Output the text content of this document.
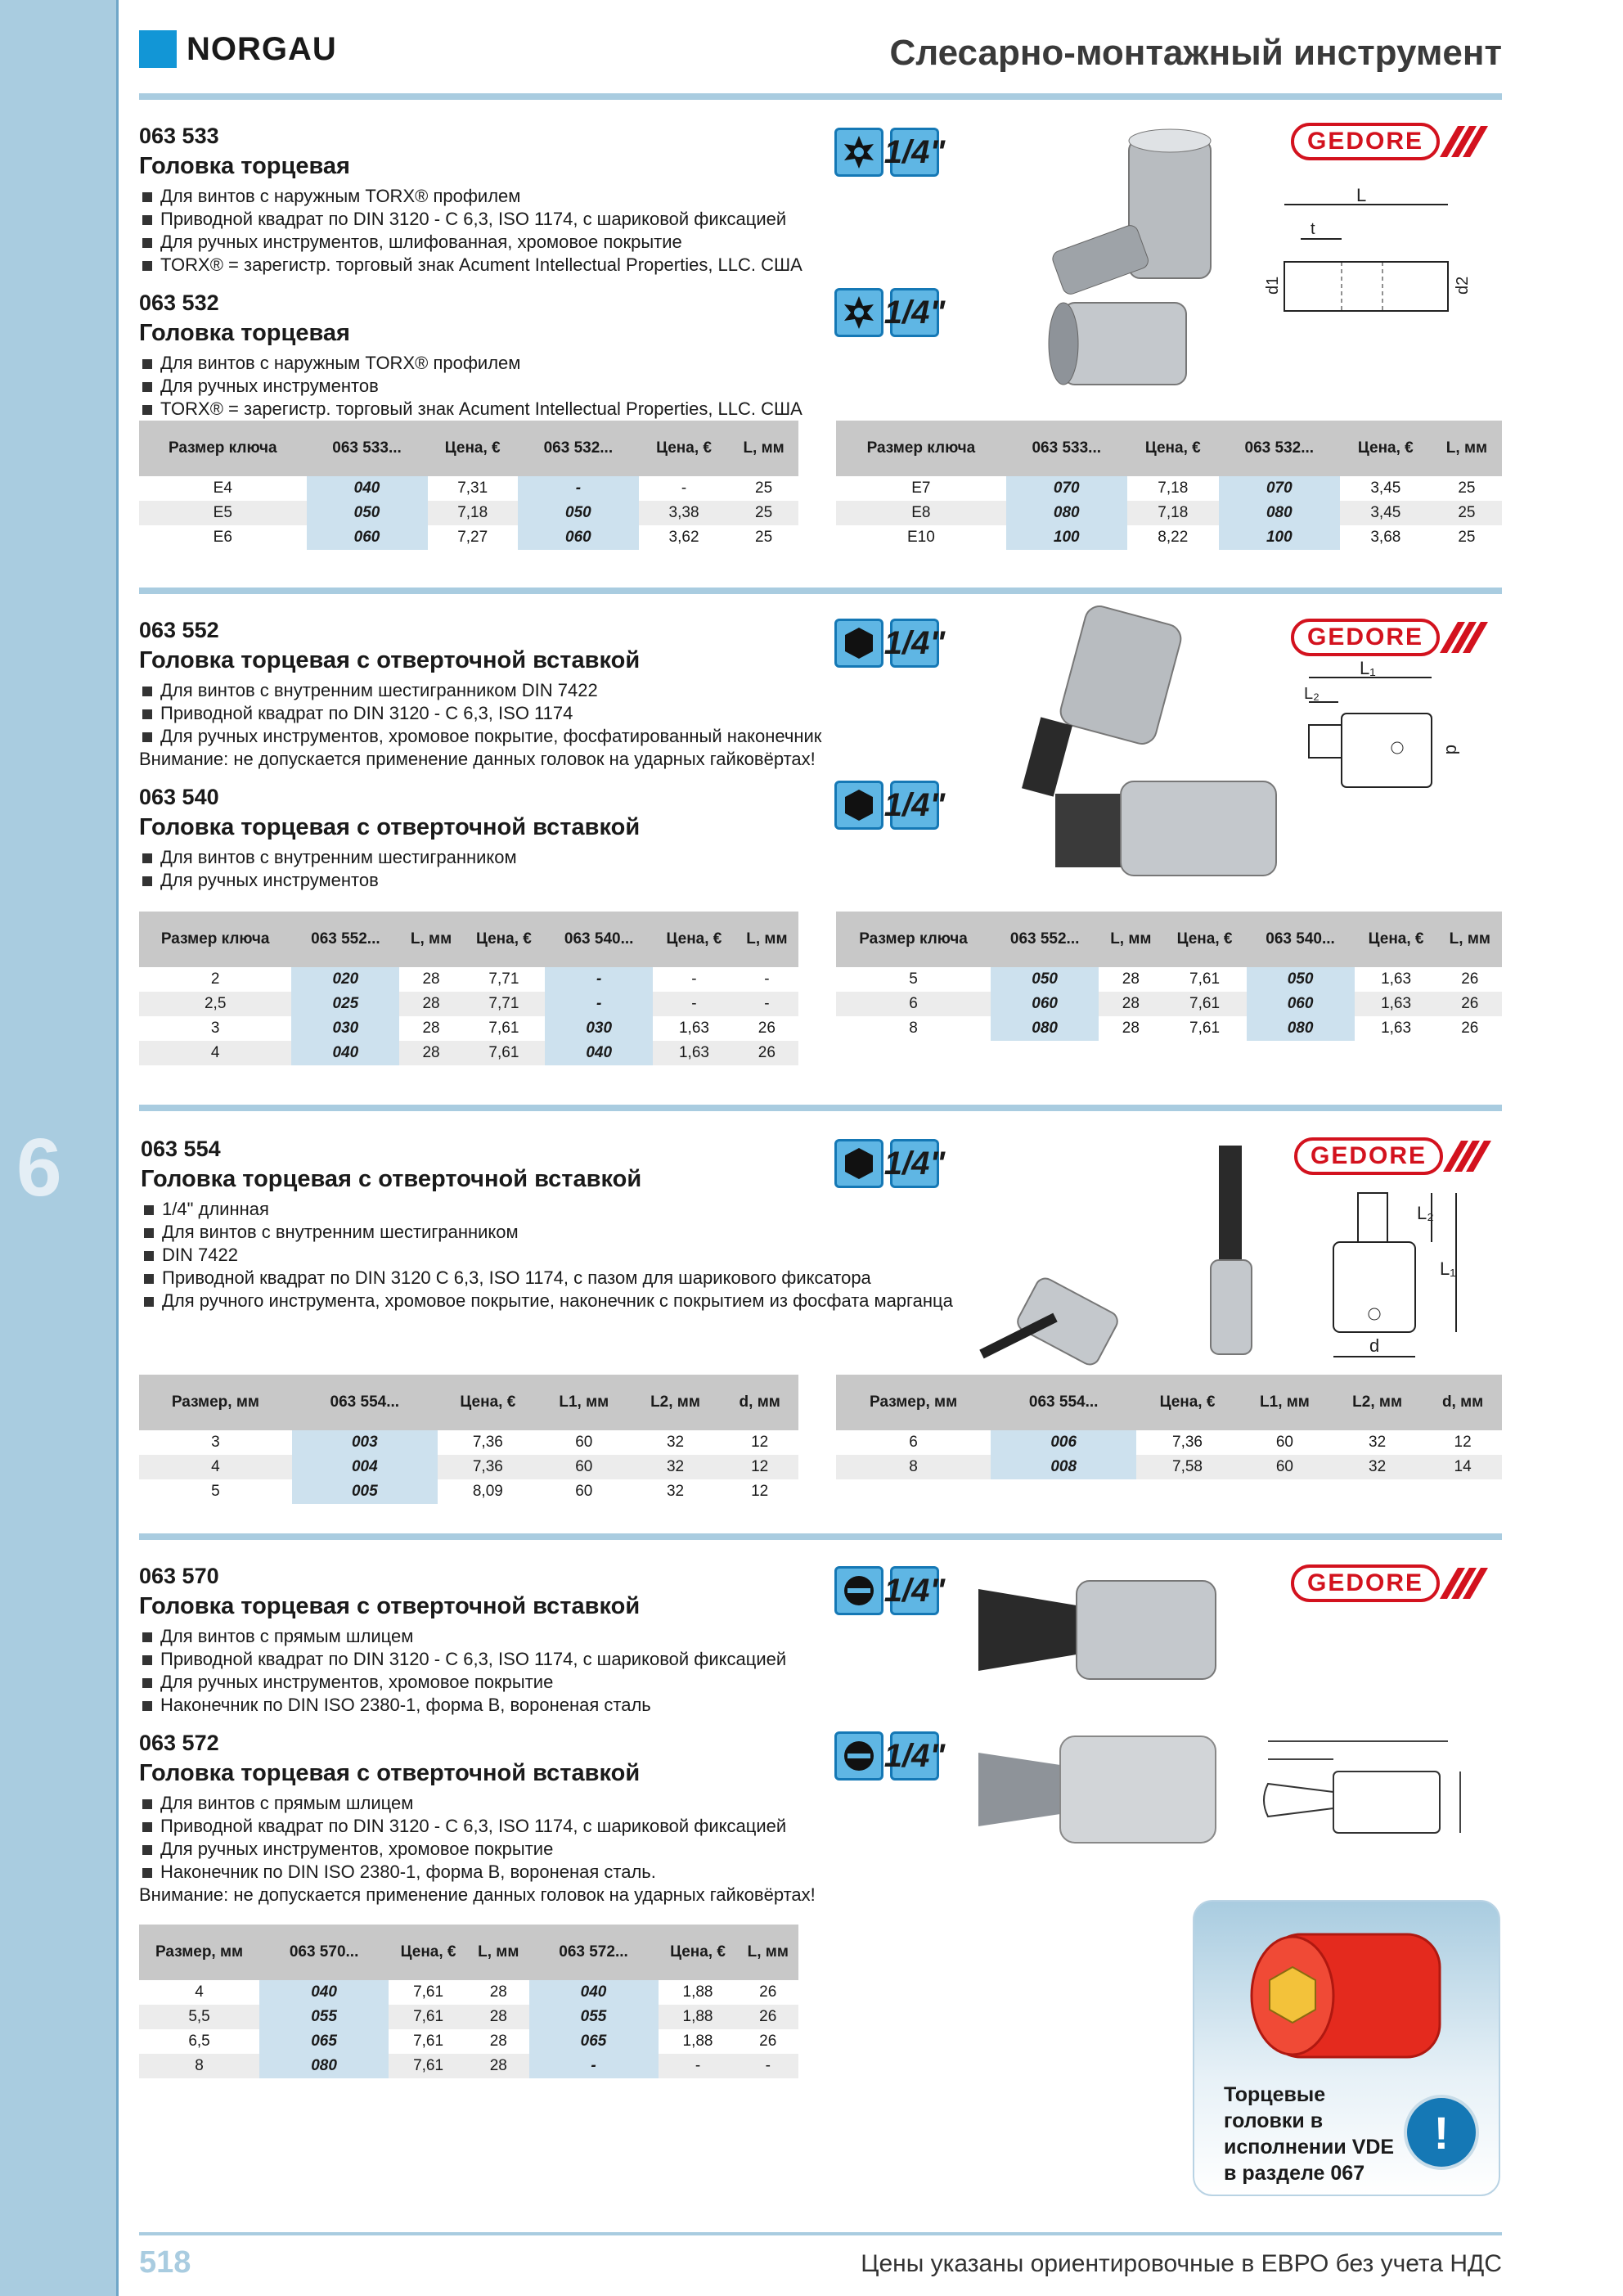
6
NORGAU	Слесарно-монтажный инструмент

063 533

Головка торцевая

Для винтов с наружным TORX® профилем
Приводной квадрат по DIN 3120 - C 6,3, ISO 1174, с шариковой фиксацией
Для ручных инструментов, шлифованная, хромовое покрытие
TORX® = зарегистр. торговый знак Acument Intellectual Properties, LLC. США

063 532

Головка торцевая

Для винтов с наружным TORX® профилем
Для ручных инструментов
TORX® = зарегистр. торговый знак Acument Intellectual Properties, LLC. США
1/4"
1/4"
GEDORE
L
t
d1	d2
Размер ключа	063 533...	Цена, €	063 532...	Цена, €	L, мм
E4	040	7,31	-	-	25
E5	050	7,18	050	3,38	25
E6	060	7,27	060	3,62	25
Размер ключа	063 533...	Цена, €	063 532...	Цена, €	L, мм
E7	070	7,18	070	3,45	25
E8	080	7,18	080	3,45	25
E10	100	8,22	100	3,68	25

063 552

Головка торцевая с отверточной вставкой

Для винтов с внутренним шестигранником DIN 7422
Приводной квадрат по DIN 3120 - C 6,3, ISO 1174
Для ручных инструментов, хромовое покрытие, фосфатированный наконечник
Внимание: не допускается применение данных головок на ударных гайковёртах!

063 540

Головка торцевая с отверточной вставкой

Для винтов с внутренним шестигранником
Для ручных инструментов
1/4"
1/4"
GEDORE
L₁
L₂
d
Размер ключа	063 552...	L, мм	Цена, €	063 540...	Цена, €	L, мм
2	020	28	7,71	-	-	-
2,5	025	28	7,71	-	-	-
3	030	28	7,61	030	1,63	26
4	040	28	7,61	040	1,63	26
Размер ключа	063 552...	L, мм	Цена, €	063 540...	Цена, €	L, мм
5	050	28	7,61	050	1,63	26
6	060	28	7,61	060	1,63	26
8	080	28	7,61	080	1,63	26

063 554

Головка торцевая с отверточной вставкой

1/4" длинная
Для винтов с внутренним шестигранником
DIN 7422
Приводной квадрат по DIN 3120 C 6,3, ISO 1174, с пазом для шарикового фиксатора
Для ручного инструмента, хромовое покрытие, наконечник с покрытием из фосфата марганца
1/4"	GEDORE
L₂
L₁
d
Размер, мм	063 554...	Цена, €	L1, мм	L2, мм	d, мм
3	003	7,36	60	32	12
4	004	7,36	60	32	12
5	005	8,09	60	32	12
Размер, мм	063 554...	Цена, €	L1, мм	L2, мм	d, мм
6	006	7,36	60	32	12
8	008	7,58	60	32	14

063 570

Головка торцевая с отверточной вставкой

Для винтов с прямым шлицем
Приводной квадрат по DIN 3120 - C 6,3, ISO 1174, с шариковой фиксацией
Для ручных инструментов, хромовое покрытие
Наконечник по DIN ISO 2380-1, форма B, вороненая сталь

063 572

Головка торцевая с отверточной вставкой

Для винтов с прямым шлицем
Приводной квадрат по DIN 3120 - C 6,3, ISO 1174, с шариковой фиксацией
Для ручных инструментов, хромовое покрытие
Наконечник по DIN ISO 2380-1, форма B, вороненая сталь.
Внимание: не допускается применение данных головок на ударных гайковёртах!
1/4"
1/4"
GEDORE
Размер, мм	063 570...	Цена, €	L, мм	063 572...	Цена, €	L, мм
4	040	7,61	28	040	1,88	26
5,5	055	7,61	28	055	1,88	26
6,5	065	7,61	28	065	1,88	26
8	080	7,61	28	-	-	-
Торцевые головки в исполнении VDE в разделе 067
!
518	Цены указаны ориентировочные в ЕВРО без учета НДС
